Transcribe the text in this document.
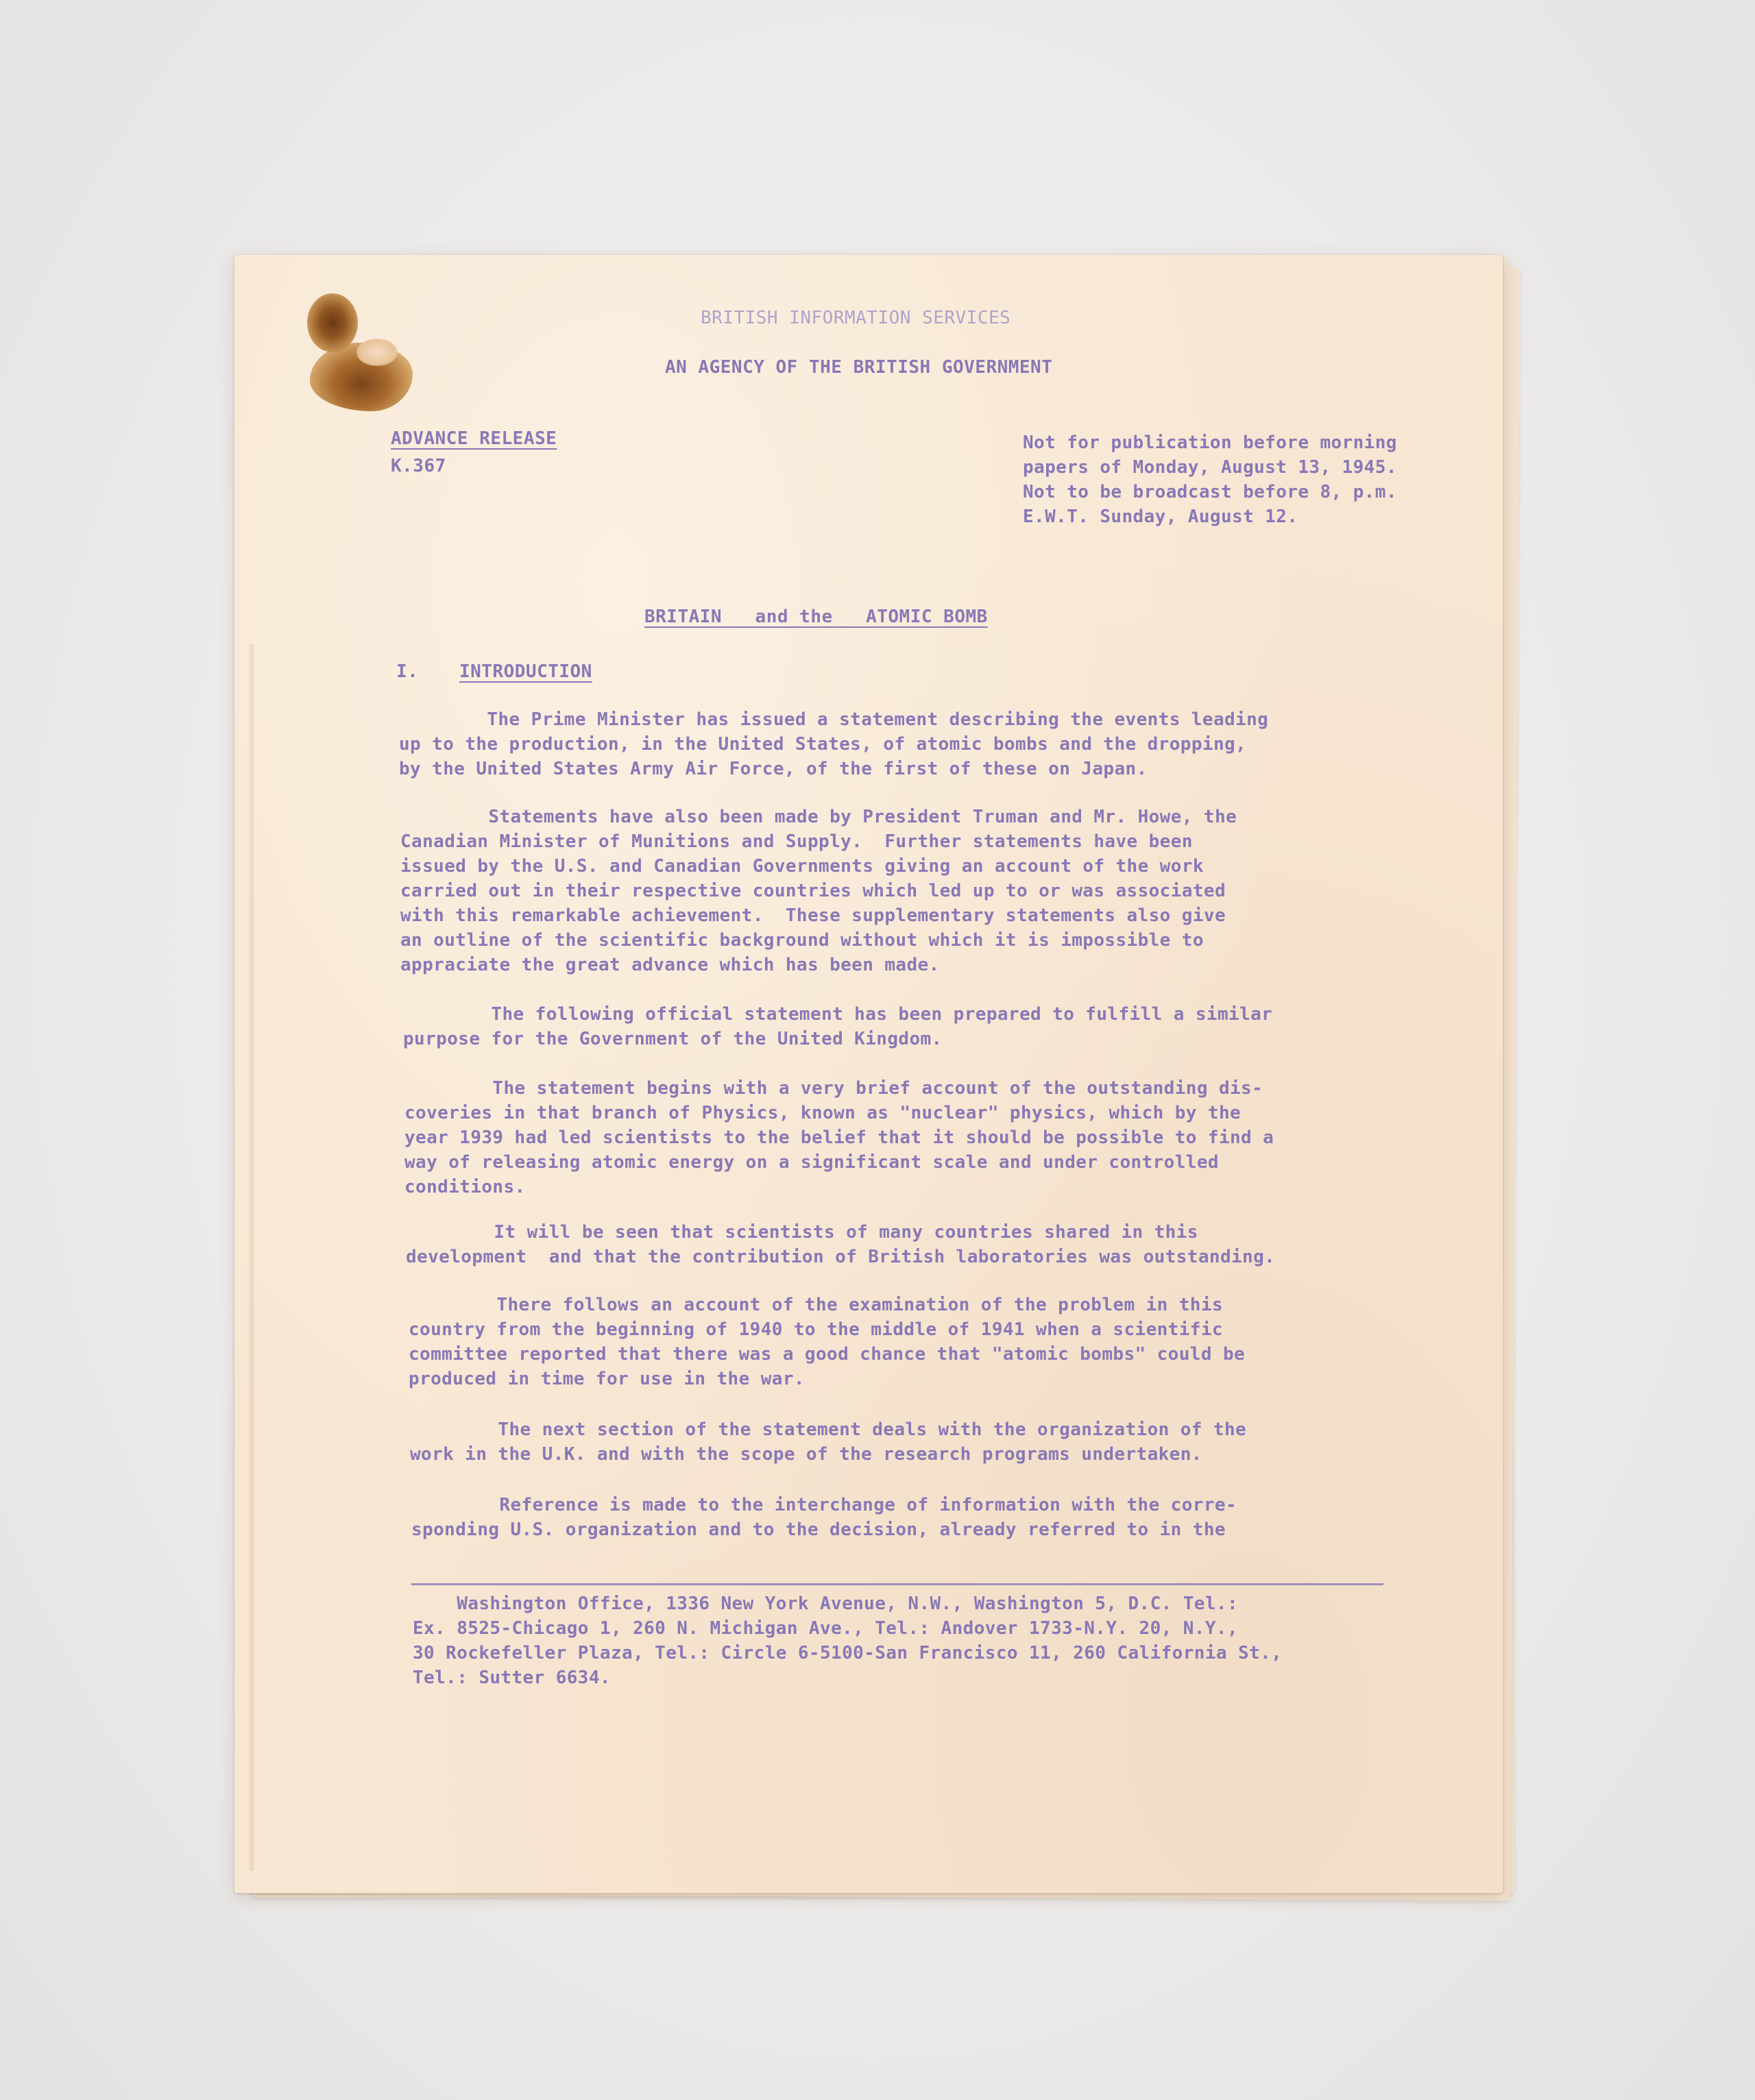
BRITISH INFORMATION SERVICES
AN AGENCY OF THE BRITISH GOVERNMENT
ADVANCE RELEASE
K.367
Not for publication before morning
papers of Monday, August 13, 1945.
Not to be broadcast before 8, p.m.
E.W.T. Sunday, August 12.
BRITAIN and the ATOMIC BOMB
I. INTRODUCTION
The Prime Minister has issued a statement describing the events leading
up to the production, in the United States, of atomic bombs and the dropping,
by the United States Army Air Force, of the first of these on Japan.
Statements have also been made by President Truman and Mr. Howe, the
Canadian Minister of Munitions and Supply.  Further statements have been
issued by the U.S. and Canadian Governments giving an account of the work
carried out in their respective countries which led up to or was associated
with this remarkable achievement.  These supplementary statements also give
an outline of the scientific background without which it is impossible to
appraciate the great advance which has been made.
The following official statement has been prepared to fulfill a similar
purpose for the Government of the United Kingdom.
The statement begins with a very brief account of the outstanding dis-
coveries in that branch of Physics, known as "nuclear" physics, which by the
year 1939 had led scientists to the belief that it should be possible to find a
way of releasing atomic energy on a significant scale and under controlled
conditions.
It will be seen that scientists of many countries shared in this
development  and that the contribution of British laboratories was outstanding.
There follows an account of the examination of the problem in this
country from the beginning of 1940 to the middle of 1941 when a scientific
committee reported that there was a good chance that "atomic bombs" could be
produced in time for use in the war.
The next section of the statement deals with the organization of the
work in the U.K. and with the scope of the research programs undertaken.
Reference is made to the interchange of information with the corre-
sponding U.S. organization and to the decision, already referred to in the
Washington Office, 1336 New York Avenue, N.W., Washington 5, D.C. Tel.:
Ex. 8525-Chicago 1, 260 N. Michigan Ave., Tel.: Andover 1733-N.Y. 20, N.Y.,
30 Rockefeller Plaza, Tel.: Circle 6-5100-San Francisco 11, 260 California St.,
Tel.: Sutter 6634.
